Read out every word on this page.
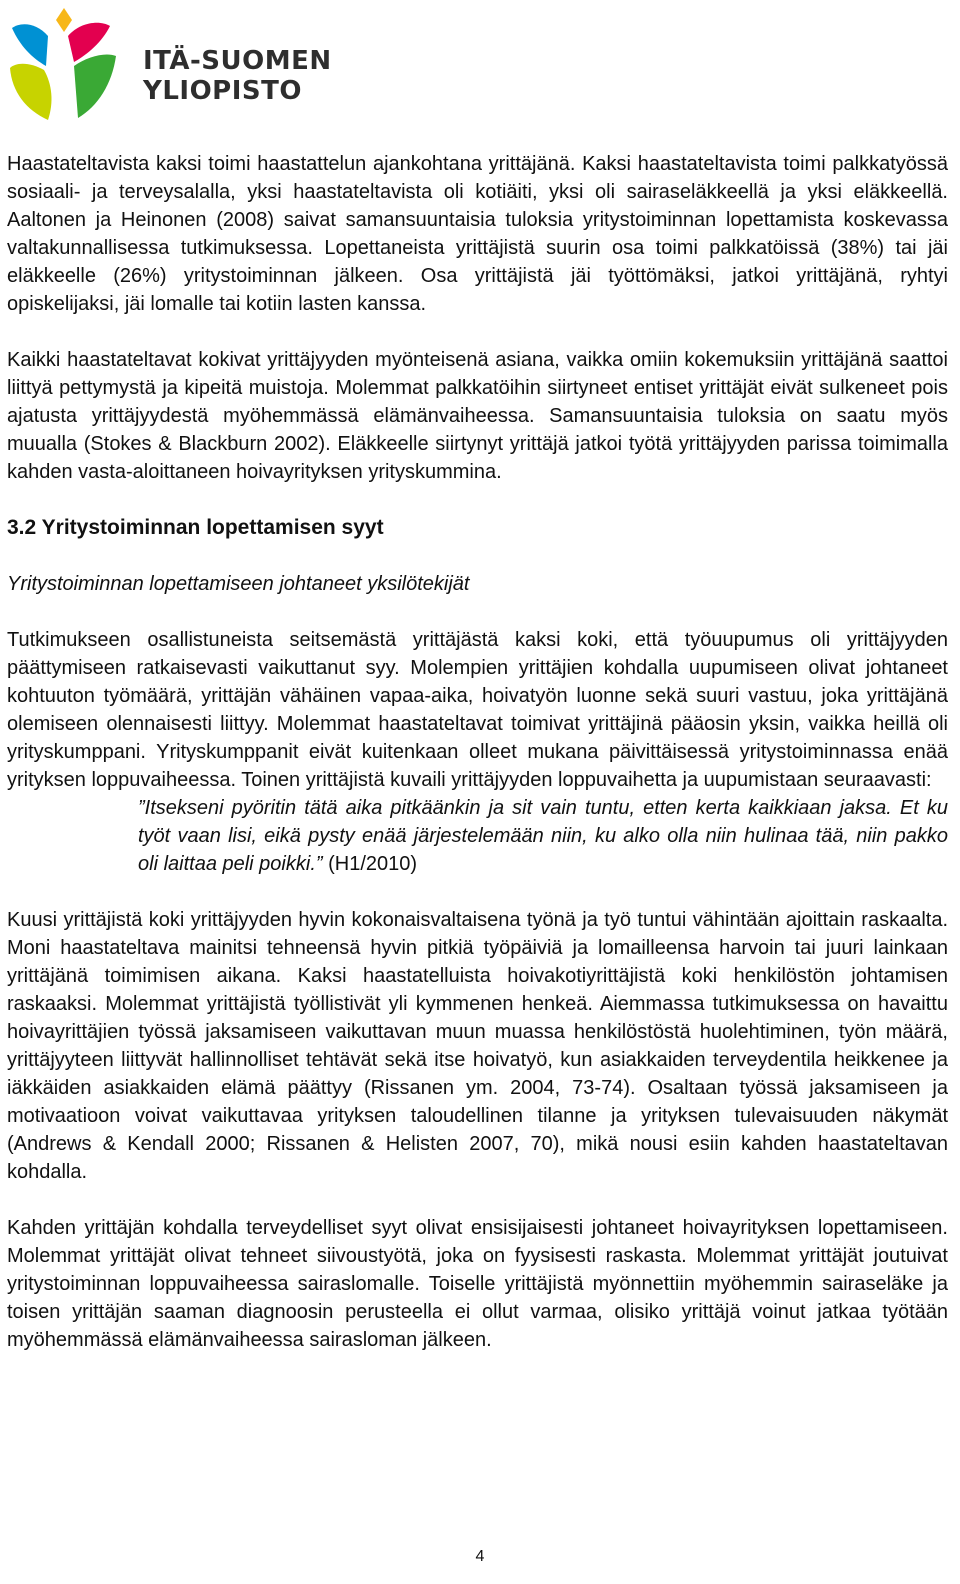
ITÄ-SUOMEN
YLIOPISTO

Haastateltavista kaksi toimi haastattelun ajankohtana yrittäjänä. Kaksi haastateltavista toimi palkkatyössä sosiaali- ja terveysalalla, yksi haastateltavista oli kotiäiti, yksi oli sairaseläkkeellä ja yksi eläkkeellä. Aaltonen ja Heinonen (2008) saivat samansuuntaisia tuloksia yritystoiminnan lopettamista koskevassa valtakunnallisessa tutkimuksessa. Lopettaneista yrittäjistä suurin osa toimi palkkatöissä (38%) tai jäi eläkkeelle (26%) yritystoiminnan jälkeen. Osa yrittäjistä jäi työttömäksi, jatkoi yrittäjänä, ryhtyi opiskelijaksi, jäi lomalle tai kotiin lasten kanssa.

Kaikki haastateltavat kokivat yrittäjyyden myönteisenä asiana, vaikka omiin kokemuksiin yrittäjänä saattoi liittyä pettymystä ja kipeitä muistoja. Molemmat palkkatöihin siirtyneet entiset yrittäjät eivät sulkeneet pois ajatusta yrittäjyydestä myöhemmässä elämänvaiheessa. Samansuuntaisia tuloksia on saatu myös muualla (Stokes & Blackburn 2002). Eläkkeelle siirtynyt yrittäjä jatkoi työtä yrittäjyyden parissa toimimalla kahden vasta-aloittaneen hoivayrityksen yrityskummina.

3.2 Yritystoiminnan lopettamisen syyt
Yritystoiminnan lopettamiseen johtaneet yksilötekijät

Tutkimukseen osallistuneista seitsemästä yrittäjästä kaksi koki, että työuupumus oli yrittäjyyden päättymiseen ratkaisevasti vaikuttanut syy. Molempien yrittäjien kohdalla uupumiseen olivat johtaneet kohtuuton työmäärä, yrittäjän vähäinen vapaa-aika, hoivatyön luonne sekä suuri vastuu, joka yrittäjänä olemiseen olennaisesti liittyy. Molemmat haastateltavat toimivat yrittäjinä pääosin yksin, vaikka heillä oli yrityskumppani. Yrityskumppanit eivät kuitenkaan olleet mukana päivittäisessä yritystoiminnassa enää yrityksen loppuvaiheessa. Toinen yrittäjistä kuvaili yrittäjyyden loppuvaihetta ja uupumistaan seuraavasti:

”Itsekseni pyöritin tätä aika pitkäänkin ja sit vain tuntu, etten kerta kaikkiaan jaksa. Et ku työt vaan lisi, eikä pysty enää järjestelemään niin, ku alko olla niin hulinaa tää, niin pakko oli laittaa peli poikki.” (H1/2010)

Kuusi yrittäjistä koki yrittäjyyden hyvin kokonaisvaltaisena työnä ja työ tuntui vähintään ajoittain raskaalta. Moni haastateltava mainitsi tehneensä hyvin pitkiä työpäiviä ja lomailleensa harvoin tai juuri lainkaan yrittäjänä toimimisen aikana. Kaksi haastatelluista hoivakotiyrittäjistä koki henkilöstön johtamisen raskaaksi. Molemmat yrittäjistä työllistivät yli kymmenen henkeä. Aiemmassa tutkimuksessa on havaittu hoivayrittäjien työssä jaksamiseen vaikuttavan muun muassa henkilöstöstä huolehtiminen, työn määrä, yrittäjyyteen liittyvät hallinnolliset tehtävät sekä itse hoivatyö, kun asiakkaiden terveydentila heikkenee ja iäkkäiden asiakkaiden elämä päättyy (Rissanen ym. 2004, 73-74). Osaltaan työssä jaksamiseen ja motivaatioon voivat vaikuttavaa yrityksen taloudellinen tilanne ja yrityksen tulevaisuuden näkymät (Andrews & Kendall 2000; Rissanen & Helisten 2007, 70), mikä nousi esiin kahden haastateltavan kohdalla.

Kahden yrittäjän kohdalla terveydelliset syyt olivat ensisijaisesti johtaneet hoivayrityksen lopettamiseen. Molemmat yrittäjät olivat tehneet siivoustyötä, joka on fyysisesti raskasta. Molemmat yrittäjät joutuivat yritystoiminnan loppuvaiheessa sairaslomalle. Toiselle yrittäjistä myönnettiin myöhemmin sairaseläke ja toisen yrittäjän saaman diagnoosin perusteella ei ollut varmaa, olisiko yrittäjä voinut jatkaa työtään myöhemmässä elämänvaiheessa sairasloman jälkeen.

4
